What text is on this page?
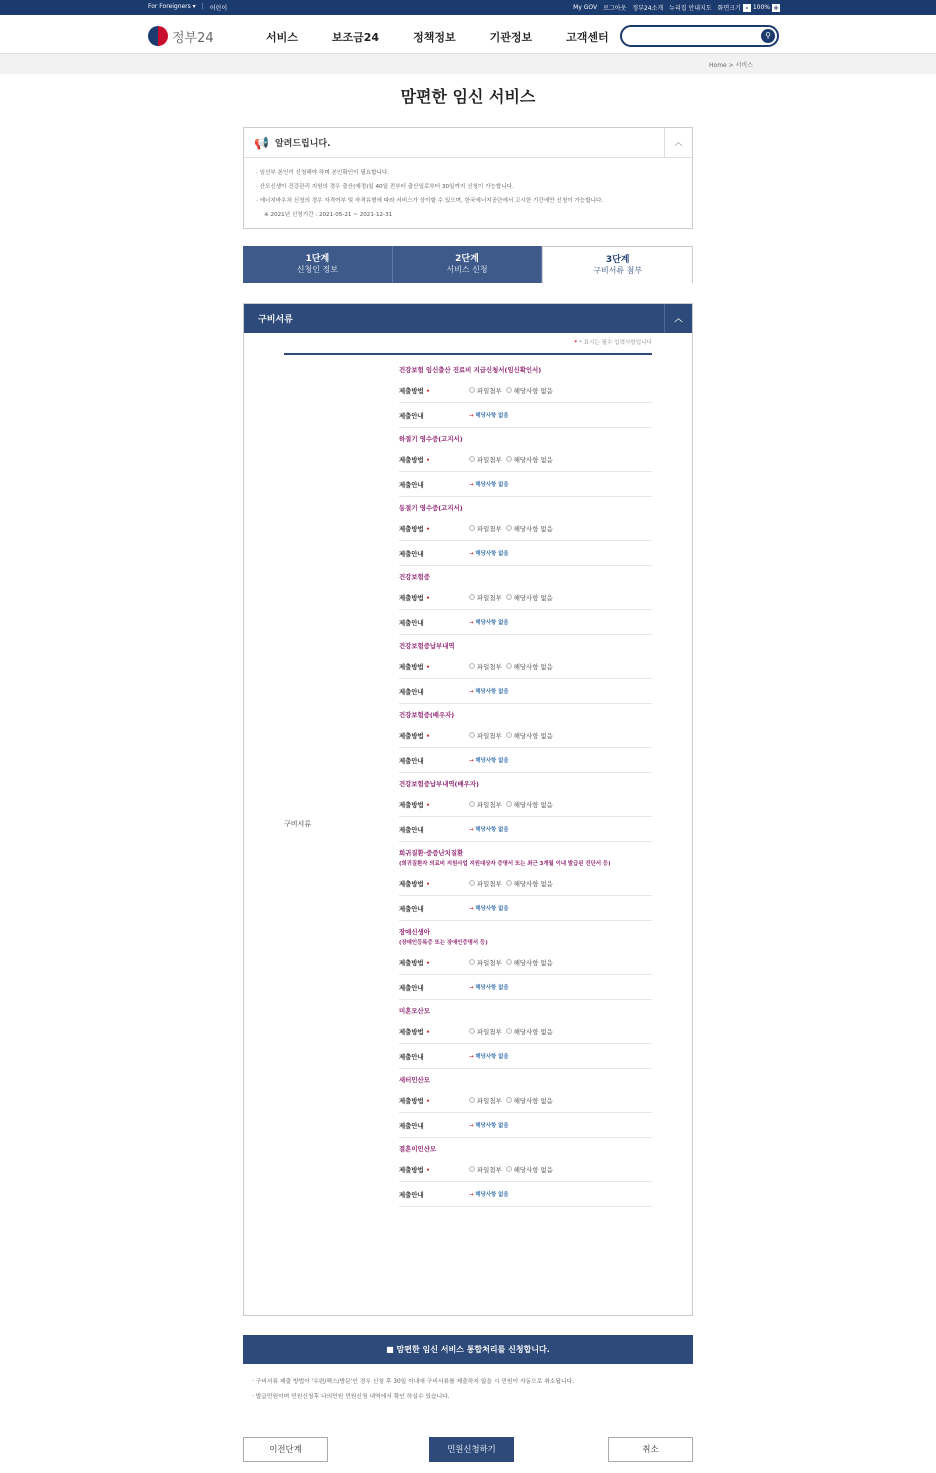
For Foreigners ▾ | 어린이	My GOV 로그아웃 정부24소개 누리집 안내지도 화면크기 - 100% +
정부24	서비스	보조금24	정책정보	기관정보	고객센터	⚲
Home > 서비스
맘편한 임신 서비스
📢 알려드립니다.	︿
· 임신부 본인이 신청해야 하며 본인확인이 필요합니다.
· 산모신생아 건강관리 지원의 경우 출산(예정)일 40일 전부터 출산일로부터 30일까지 신청이 가능합니다.
· 에너지바우처 신청의 경우 자격여부 및 자격유형에 따라 서비스가 상이할 수 있으며, 한국에너지공단에서 고시한 기간에만 신청이 가능합니다.
※ 2021년 신청기간 : 2021-05-21 ~ 2021-12-31
1단계
신청인 정보
2단계
서비스 신청
3단계
구비서류 첨부
구비서류	︿
* * 표시는 필수 입력사항입니다
구비서류
건강보험 임신출산 진료비 지급신청서(임신확인서)
제출방법 •	파일첨부 해당사항 없음
제출안내	→ 해당사항 없음
하절기 영수증(고지서)
제출방법 •	파일첨부 해당사항 없음
제출안내	→ 해당사항 없음
동절기 영수증(고지서)
제출방법 •	파일첨부 해당사항 없음
제출안내	→ 해당사항 없음
건강보험증
제출방법 •	파일첨부 해당사항 없음
제출안내	→ 해당사항 없음
건강보험증납부내역
제출방법 •	파일첨부 해당사항 없음
제출안내	→ 해당사항 없음
건강보험증(배우자)
제출방법 •	파일첨부 해당사항 없음
제출안내	→ 해당사항 없음
건강보험증납부내역(배우자)
제출방법 •	파일첨부 해당사항 없음
제출안내	→ 해당사항 없음
희귀질환·중증난치질환
(희귀질환자 의료비 지원사업 지원대상자 증명서 또는 최근 3개월 이내 발급된 진단서 등)
제출방법 •	파일첨부 해당사항 없음
제출안내	→ 해당사항 없음
장애신생아
(장애인등록증 또는 장애인증명서 등)
제출방법 •	파일첨부 해당사항 없음
제출안내	→ 해당사항 없음
미혼모산모
제출방법 •	파일첨부 해당사항 없음
제출안내	→ 해당사항 없음
새터민산모
제출방법 •	파일첨부 해당사항 없음
제출안내	→ 해당사항 없음
결혼이민산모
제출방법 •	파일첨부 해당사항 없음
제출안내	→ 해당사항 없음
■ 맘편한 임신 서비스 통합처리를 신청합니다.
· 구비서류 제출 방법이 '우편/팩스/방문'인 경우 신청 후 30일 이내에 구비서류를 제출하지 않을 시 민원이 자동으로 취소됩니다.
· 발급민원이며 민원신청후 나의민원 민원신청 내역에서 확인 하실수 있습니다.
이전단계	민원신청하기	취소
